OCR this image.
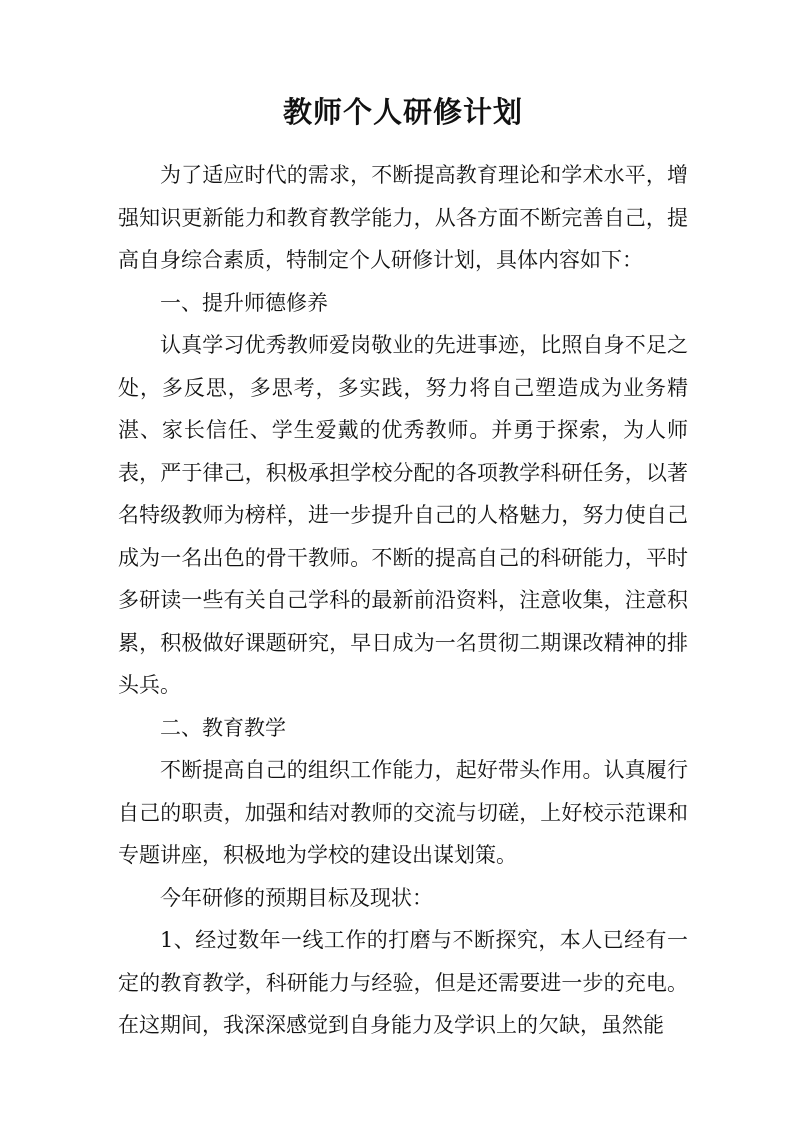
教师个人研修计划

为了适应时代的需求，不断提高教育理论和学术水平，增强知识更新能力和教育教学能力，从各方面不断完善自己，提高自身综合素质，特制定个人研修计划，具体内容如下：

一、提升师德修养

认真学习优秀教师爱岗敬业的先进事迹，比照自身不足之处，多反思，多思考，多实践，努力将自己塑造成为业务精湛、家长信任、学生爱戴的优秀教师。并勇于探索，为人师表，严于律己，积极承担学校分配的各项教学科研任务，以著名特级教师为榜样，进一步提升自己的人格魅力，努力使自己成为一名出色的骨干教师。不断的提高自己的科研能力，平时多研读一些有关自己学科的最新前沿资料，注意收集，注意积累，积极做好课题研究，早日成为一名贯彻二期课改精神的排头兵。

二、教育教学

不断提高自己的组织工作能力，起好带头作用。认真履行自己的职责，加强和结对教师的交流与切磋，上好校示范课和专题讲座，积极地为学校的建设出谋划策。

今年研修的预期目标及现状：

1、经过数年一线工作的打磨与不断探究，本人已经有一定的教育教学，科研能力与经验，但是还需要进一步的充电。在这期间，我深深感觉到自身能力及学识上的欠缺，虽然能
